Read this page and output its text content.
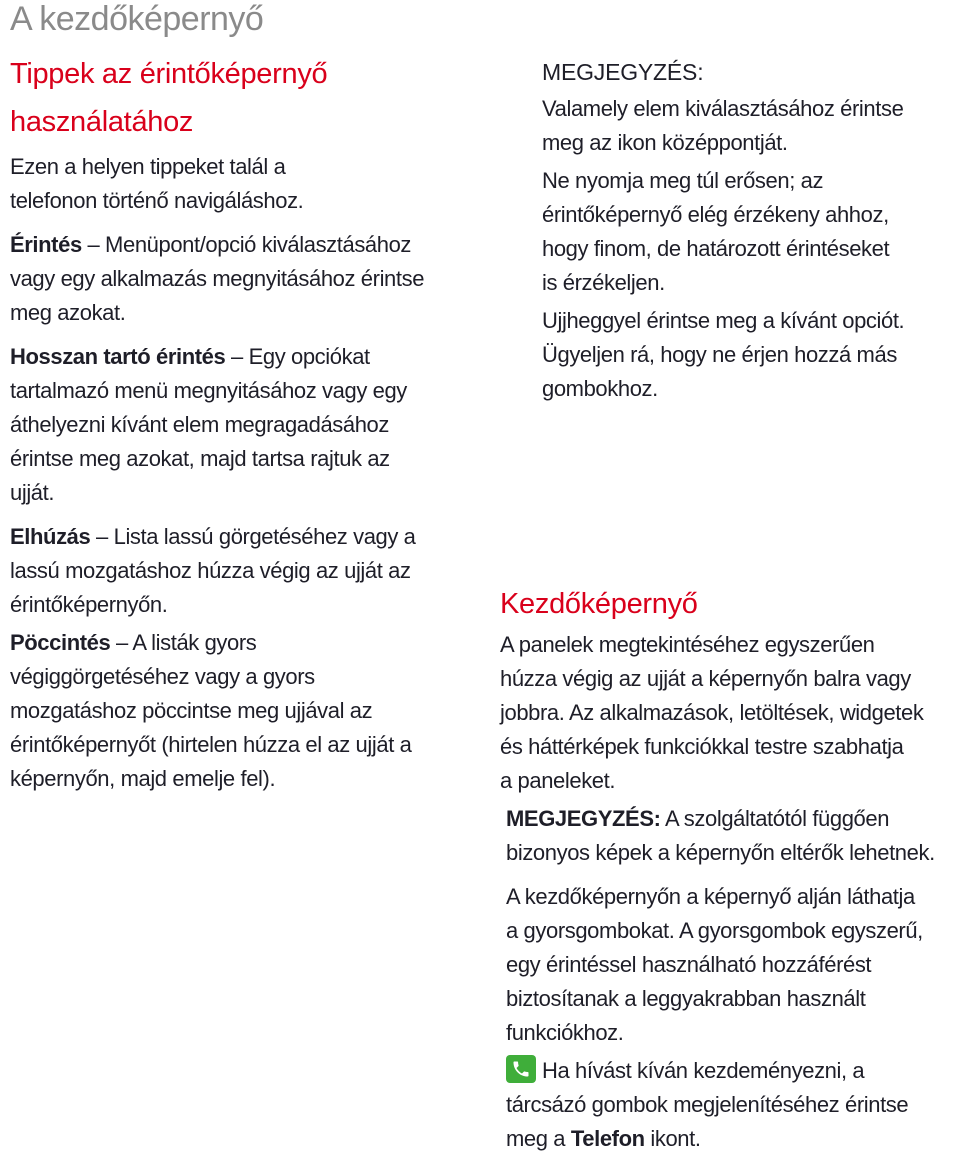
A kezdőképernyő
Tippek az érintőképernyő
használatához

Ezen a helyen tippeket talál a
telefonon történő navigáláshoz.

Érintés – Menüpont/opció kiválasztásához
vagy egy alkalmazás megnyitásához érintse
meg azokat.

Hosszan tartó érintés – Egy opciókat
tartalmazó menü megnyitásához vagy egy
áthelyezni kívánt elem megragadásához
érintse meg azokat, majd tartsa rajtuk az
ujját.

Elhúzás – Lista lassú görgetéséhez vagy a
lassú mozgatáshoz húzza végig az ujját az
érintőképernyőn.

Pöccintés – A listák gyors
végiggörgetéséhez vagy a gyors
mozgatáshoz pöccintse meg ujjával az
érintőképernyőt (hirtelen húzza el az ujját a
képernyőn, majd emelje fel).

MEGJEGYZÉS:

Valamely elem kiválasztásához érintse
meg az ikon középpontját.

Ne nyomja meg túl erősen; az
érintőképernyő elég érzékeny ahhoz,
hogy finom, de határozott érintéseket
is érzékeljen.

Ujjheggyel érintse meg a kívánt opciót.
Ügyeljen rá, hogy ne érjen hozzá más
gombokhoz.

Kezdőképernyő

A panelek megtekintéséhez egyszerűen
húzza végig az ujját a képernyőn balra vagy
jobbra. Az alkalmazások, letöltések, widgetek
és háttérképek funkciókkal testre szabhatja
a paneleket.

MEGJEGYZÉS: A szolgáltatótól függően
bizonyos képek a képernyőn eltérők lehetnek.

A kezdőképernyőn a képernyő alján láthatja
a gyorsgombokat. A gyorsgombok egyszerű,
egy érintéssel használható hozzáférést
biztosítanak a leggyakrabban használt
funkciókhoz.

Ha hívást kíván kezdeményezni, a
tárcsázó gombok megjelenítéséhez érintse
meg a Telefon ikont.
